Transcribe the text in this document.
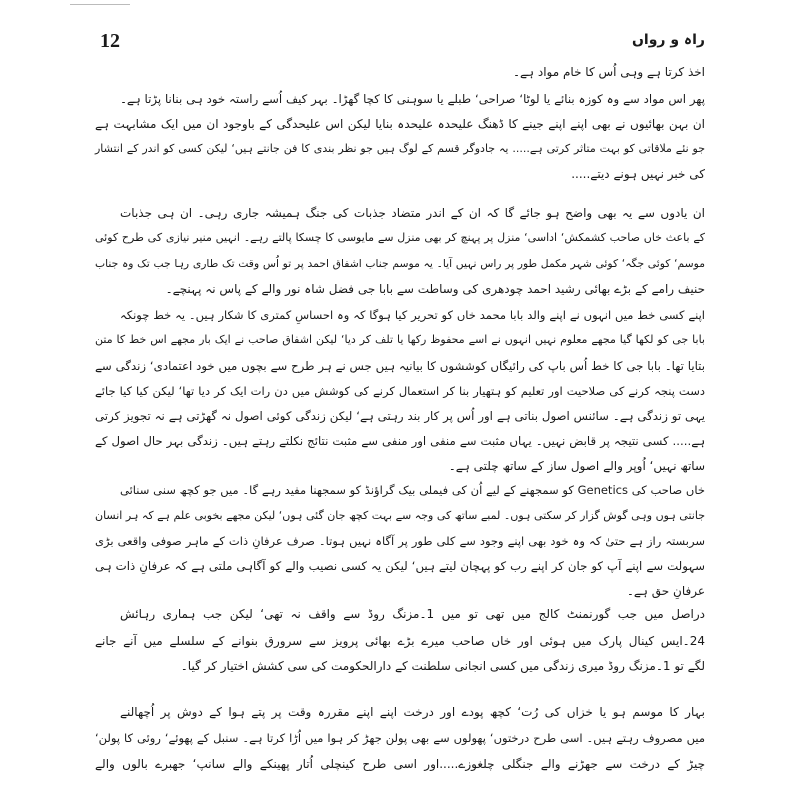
12	راہ و رواں
اخذ کرتا ہے وہی اُس کا خام مواد ہے۔
پھر اس مواد سے وہ کوزہ بنائے یا لوٹا‘ صراحی‘ طبلے یا سوہنی کا کچا گھڑا۔ بہر کیف اُسے راستہ خود ہی بنانا پڑتا ہے۔
ان بہن بھائیوں نے بھی اپنے اپنے جینے کا ڈھنگ علیحدہ علیحدہ بنایا لیکن اس علیحدگی کے باوجود ان میں ایک مشابہت ہے
جو نئے ملاقاتی کو بہت متاثر کرتی ہے..... یہ جادوگر قسم کے لوگ ہیں جو نظر بندی کا فن جانتے ہیں‘ لیکن کسی کو اندر کے انتشار
کی خبر نہیں ہونے دیتے.....
ان یادوں سے یہ بھی واضح ہو جائے گا کہ ان کے اندر متضاد جذبات کی جنگ ہمیشہ جاری رہی۔ ان ہی جذبات
کے باعث خاں صاحب کشمکش‘ اداسی‘ منزل پر پہنچ کر بھی منزل سے مایوسی کا چسکا پالتے رہے۔ انہیں منیر نیازی کی طرح کوئی
موسم‘ کوئی جگہ‘ کوئی شہر مکمل طور پر راس نہیں آیا۔ یہ موسم جناب اشفاق احمد پر تو اُس وقت تک طاری رہا جب تک وہ جناب
حنیف رامے کے بڑے بھائی رشید احمد چودھری کی وساطت سے بابا جی فضل شاہ نور والے کے پاس نہ پہنچے۔
اپنے کسی خط میں انہوں نے اپنے والد بابا محمد خاں کو تحریر کیا ہوگا کہ وہ احساسِ کمتری کا شکار ہیں۔ یہ خط چونکہ
بابا جی کو لکھا گیا مجھے معلوم نہیں انہوں نے اسے محفوظ رکھا یا تلف کر دیا‘ لیکن اشفاق صاحب نے ایک بار مجھے اس خط کا متن
بتایا تھا۔ بابا جی کا خط اُس باپ کی رائیگاں کوششوں کا بیانیہ ہیں جس نے ہر طرح سے بچوں میں خود اعتمادی‘ زندگی سے
دست پنجہ کرنے کی صلاحیت اور تعلیم کو ہتھیار بنا کر استعمال کرنے کی کوشش میں دن رات ایک کر دیا تھا‘ لیکن کیا کیا جائے
یہی تو زندگی ہے۔ سائنس اصول بناتی ہے اور اُس پر کار بند رہتی ہے‘ لیکن زندگی کوئی اصول نہ گھڑتی ہے نہ تجویز کرتی
ہے..... کسی نتیجہ پر قابض نہیں۔ یہاں مثبت سے منفی اور منفی سے مثبت نتائج نکلتے رہتے ہیں۔ زندگی بہر حال اصول کے
ساتھ نہیں‘ اُوپر والے اصول ساز کے ساتھ چلتی ہے۔
خاں صاحب کی Genetics کو سمجھنے کے لیے اُن کی فیملی بیک گراؤنڈ کو سمجھنا مفید رہے گا۔ میں جو کچھ سنی سنائی
جانتی ہوں وہی گوش گزار کر سکتی ہوں۔ لمبے ساتھ کی وجہ سے بہت کچھ جان گئی ہوں‘ لیکن مجھے بخوبی علم ہے کہ ہر انسان
سربستہ راز ہے حتیٰ کہ وہ خود بھی اپنے وجود سے کلی طور پر آگاہ نہیں ہوتا۔ صرف عرفانِ ذات کے ماہر صوفی واقعی بڑی
سہولت سے اپنے آپ کو جان کر اپنے رب کو پہچان لیتے ہیں‘ لیکن یہ کسی نصیب والے کو آگاہی ملتی ہے کہ عرفانِ ذات ہی
عرفانِ حق ہے۔
دراصل میں جب گورنمنٹ کالج میں تھی تو میں 1۔مزنگ روڈ سے واقف نہ تھی‘ لیکن جب ہماری رہائش
24۔ایس کینال پارک میں ہوئی اور خاں صاحب میرے بڑے بھائی پرویز سے سرورق بنوانے کے سلسلے میں آنے جانے
لگے تو 1۔مزنگ روڈ میری زندگی میں کسی انجانی سلطنت کے دارالحکومت کی سی کشش اختیار کر گیا۔
بہار کا موسم ہو یا خزاں کی رُت‘ کچھ پودے اور درخت اپنے اپنے مقررہ وقت پر پتے ہوا کے دوش پر اُچھالنے
میں مصروف رہتے ہیں۔ اسی طرح درختوں‘ پھولوں سے بھی پولن جھڑ کر ہوا میں اُڑا کرتا ہے۔ سنبل کے پھوئے‘ روئی کا پولن‘
چیڑ کے درخت سے جھڑنے والے جنگلی چلغوزے.....اور اسی طرح کینچلی اُتار پھینکے والے سانپ‘ جھبرے بالوں والے
